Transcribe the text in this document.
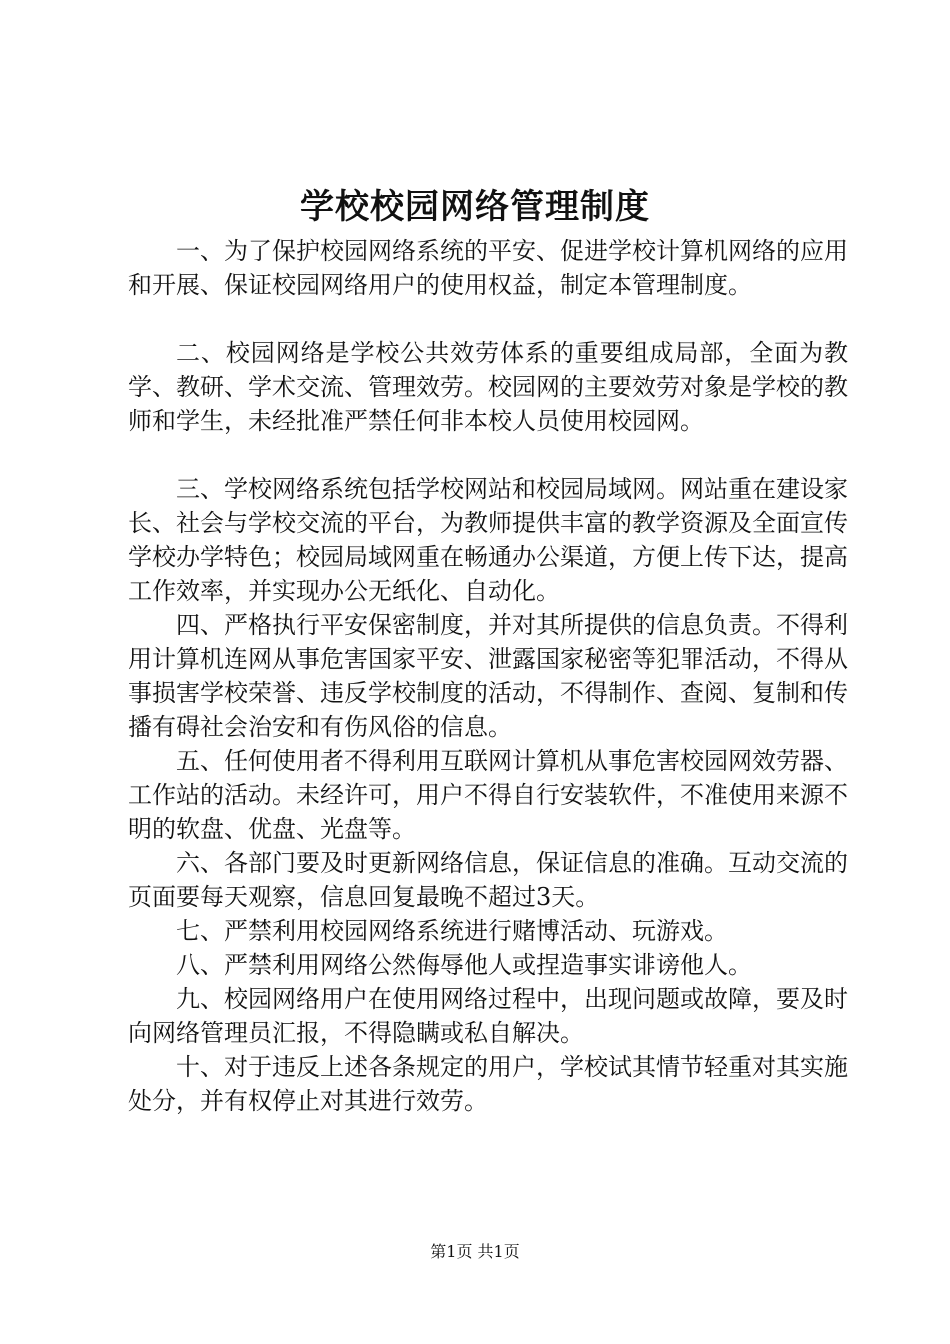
学校校园网络管理制度

一、为了保护校园网络系统的平安、促进学校计算机网络的应用和开展、保证校园网络用户的使用权益，制定本管理制度。

二、校园网络是学校公共效劳体系的重要组成局部，全面为教学、教研、学术交流、管理效劳。校园网的主要效劳对象是学校的教师和学生，未经批准严禁任何非本校人员使用校园网。

三、学校网络系统包括学校网站和校园局域网。网站重在建设家长、社会与学校交流的平台，为教师提供丰富的教学资源及全面宣传学校办学特色；校园局域网重在畅通办公渠道，方便上传下达，提高工作效率，并实现办公无纸化、自动化。

四、严格执行平安保密制度，并对其所提供的信息负责。不得利用计算机连网从事危害国家平安、泄露国家秘密等犯罪活动，不得从事损害学校荣誉、违反学校制度的活动，不得制作、查阅、复制和传播有碍社会治安和有伤风俗的信息。

五、任何使用者不得利用互联网计算机从事危害校园网效劳器、工作站的活动。未经许可，用户不得自行安装软件，不准使用来源不明的软盘、优盘、光盘等。

六、各部门要及时更新网络信息，保证信息的准确。互动交流的页面要每天观察，信息回复最晚不超过3天。

七、严禁利用校园网络系统进行赌博活动、玩游戏。

八、严禁利用网络公然侮辱他人或捏造事实诽谤他人。

九、校园网络用户在使用网络过程中，出现问题或故障，要及时向网络管理员汇报，不得隐瞒或私自解决。

十、对于违反上述各条规定的用户，学校试其情节轻重对其实施处分，并有权停止对其进行效劳。

第1页 共1页
